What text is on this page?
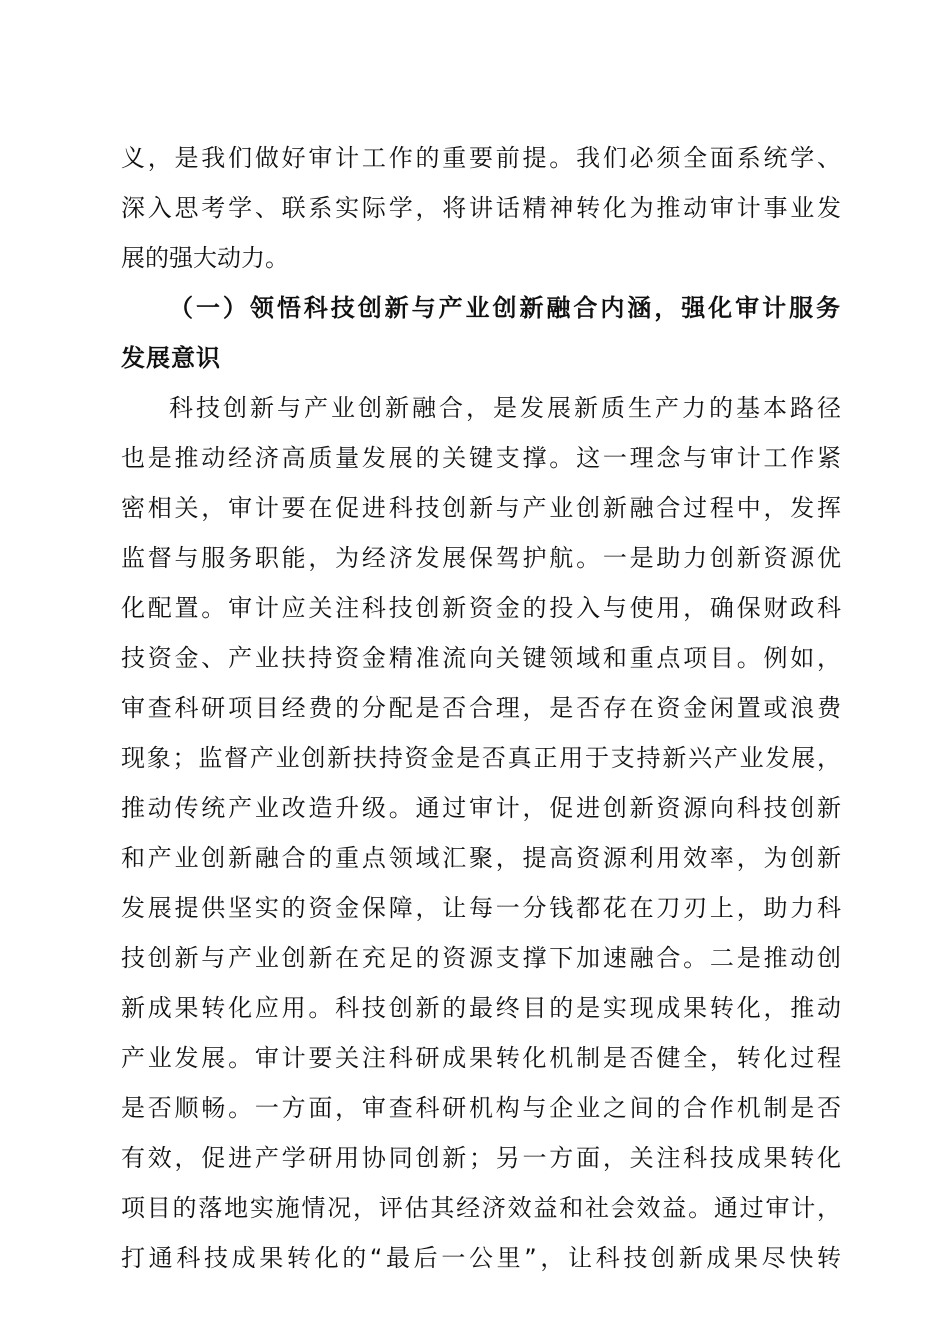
义，是我们做好审计工作的重要前提。我们必须全面系统学、
深入思考学、联系实际学，将讲话精神转化为推动审计事业发
展的强大动力。
（一）领悟科技创新与产业创新融合内涵，强化审计服务
发展意识
科技创新与产业创新融合，是发展新质生产力的基本路径
也是推动经济高质量发展的关键支撑。这一理念与审计工作紧
密相关，审计要在促进科技创新与产业创新融合过程中，发挥
监督与服务职能，为经济发展保驾护航。一是助力创新资源优
化配置。审计应关注科技创新资金的投入与使用，确保财政科
技资金、产业扶持资金精准流向关键领域和重点项目。例如，
审查科研项目经费的分配是否合理，是否存在资金闲置或浪费
现象；监督产业创新扶持资金是否真正用于支持新兴产业发展，
推动传统产业改造升级。通过审计，促进创新资源向科技创新
和产业创新融合的重点领域汇聚，提高资源利用效率，为创新
发展提供坚实的资金保障，让每一分钱都花在刀刃上，助力科
技创新与产业创新在充足的资源支撑下加速融合。二是推动创
新成果转化应用。科技创新的最终目的是实现成果转化，推动
产业发展。审计要关注科研成果转化机制是否健全，转化过程
是否顺畅。一方面，审查科研机构与企业之间的合作机制是否
有效，促进产学研用协同创新；另一方面，关注科技成果转化
项目的落地实施情况，评估其经济效益和社会效益。通过审计，
打通科技成果转化的“最后一公里”，让科技创新成果尽快转
